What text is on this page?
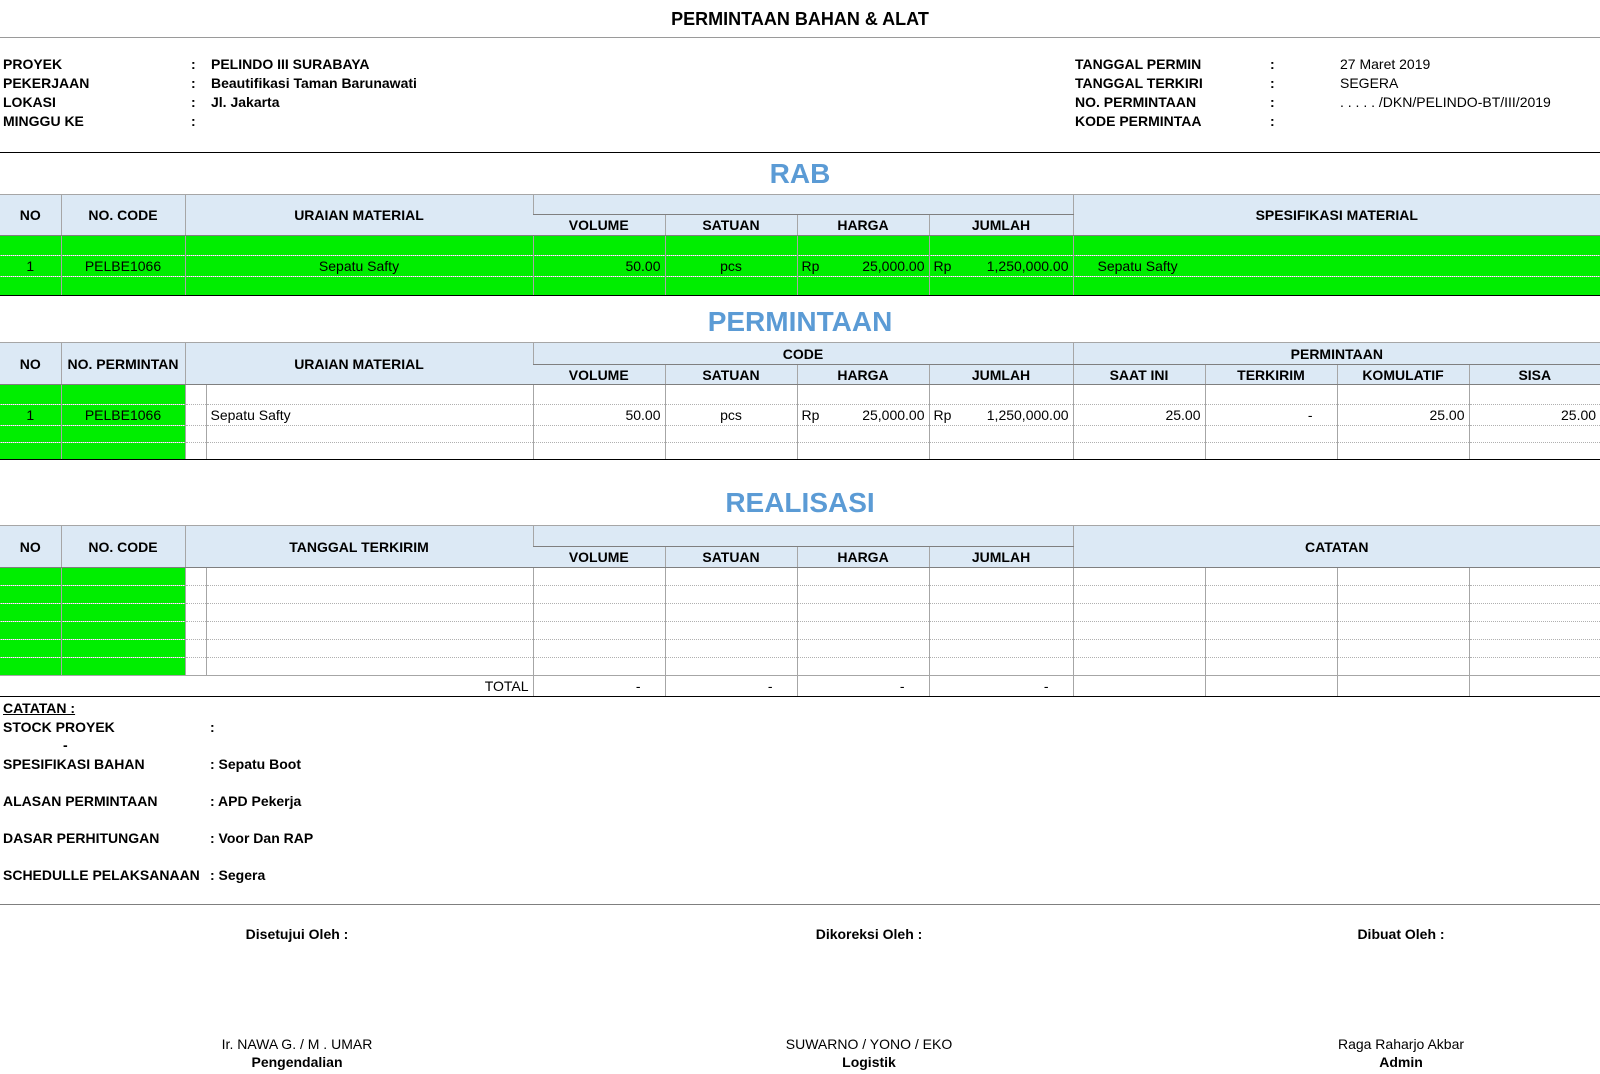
PERMINTAAN BAHAN & ALAT
PROYEK	: PELINDO III SURABAYA
PEKERJAAN	: Beautifikasi Taman Barunawati
LOKASI	: Jl. Jakarta
MINGGU KE	:
TANGGAL PERMIN	:	27 Maret 2019
TANGGAL TERKIRI	:	SEGERA
NO. PERMINTAAN	:	. . . . . /DKN/PELINDO-BT/III/2019
KODE PERMINTAA	:
RAB
NO	NO. CODE	URAIAN MATERIAL					SPESIFIKASI MATERIAL
			VOLUME	SATUAN	HARGA	JUMLAH	

1	PELBE1066	Sepatu Safty	50.00	pcs	Rp 25,000.00	Rp 1,250,000.00	Sepatu Safty

PERMINTAAN
NO	NO. PERMINTAN	URAIAN MATERIAL		CODE				PERMINTAAN			
				VOLUME	SATUAN	HARGA	JUMLAH	SAAT INI	TERKIRIM	KOMULATIF	SISA

1	PELBE1066		Sepatu Safty	50.00	pcs	Rp 25,000.00	Rp 1,250,000.00	25.00	-	25.00	25.00

REALISASI
NO	NO. CODE	TANGGAL TERKIRIM						CATATAN			
				VOLUME	SATUAN	HARGA	JUMLAH				

TOTAL				-	-	-	-				
CATATAN :
STOCK PROYEK	:
-
SPESIFIKASI BAHAN	: Sepatu Boot
ALASAN PERMINTAAN	: APD Pekerja
DASAR PERHITUNGAN	: Voor Dan RAP
SCHEDULLE PELAKSANAAN : Segera
Disetujui Oleh :
Ir. NAWA G. / M . UMAR
Pengendalian
Dikoreksi Oleh :
SUWARNO / YONO / EKO
Logistik
Dibuat Oleh :
Raga Raharjo Akbar
Admin
